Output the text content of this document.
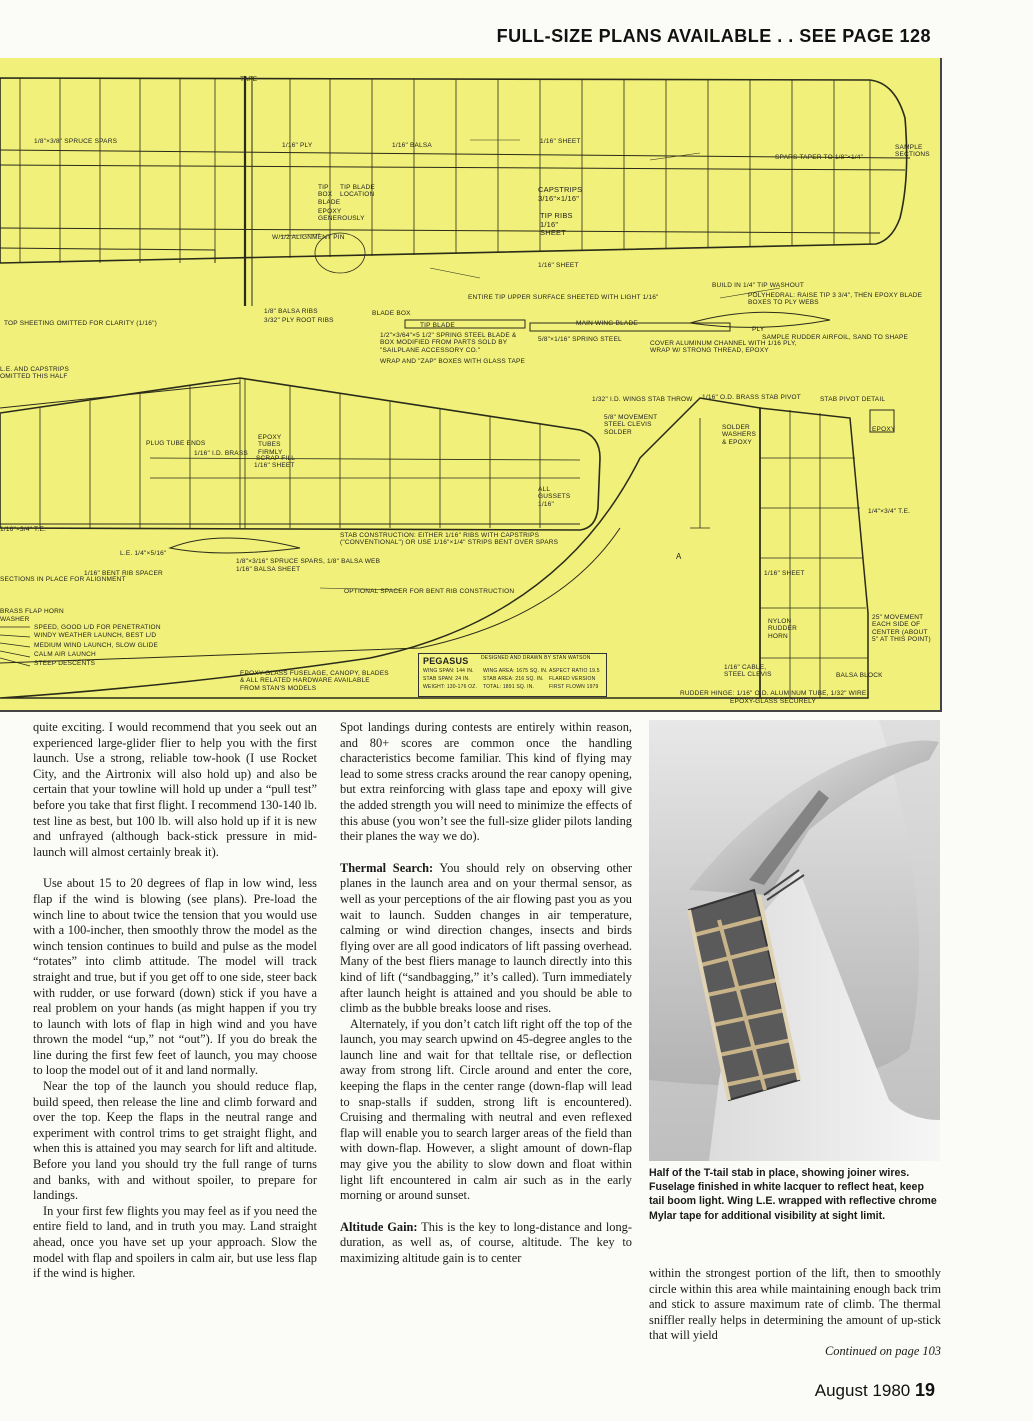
FULL-SIZE PLANS AVAILABLE . . SEE PAGE 128
TAPE
1/8"×3/8" SPRUCE SPARS
1/16" PLY	1/16" BALSA
1/16" SHEET
SAMPLE SECTIONS
SPARS TAPER TO 1/8"×1/4"
TIP BLADE LOCATION
TIP BOX BLADE
EPOXY GENEROUSLY
CAPSTRIPS 3/16"×1/16"
TIP RIBS 1/16" SHEET
W/1/2 ALIGNMENT PIN
1/16" SHEET
BUILD IN 1/4" TIP WASHOUT
POLYHEDRAL: RAISE TIP 3 3/4", THEN EPOXY BLADE BOXES TO PLY WEBS
ENTIRE TIP UPPER SURFACE SHEETED WITH LIGHT 1/16"
TOP SHEETING OMITTED FOR CLARITY (1/16")
1/8" BALSA RIBS
3/32" PLY ROOT RIBS
BLADE BOX
TIP BLADE
1/2"×3/64"×5 1/2" SPRING STEEL BLADE & BOX MODIFIED FROM PARTS SOLD BY "SAILPLANE ACCESSORY CO."
WRAP AND "ZAP" BOXES WITH GLASS TAPE
MAIN WING BLADE
5/8"×1/16" SPRING STEEL
PLY
COVER ALUMINUM CHANNEL WITH 1/16 PLY, WRAP W/ STRONG THREAD, EPOXY
SAMPLE RUDDER AIRFOIL, SAND TO SHAPE
L.E. AND CAPSTRIPS OMITTED THIS HALF
PLUG TUBE ENDS
EPOXY TUBES FIRMLY
SCRAP FILL
1/16" I.D. BRASS
1/16" SHEET
ALL GUSSETS 1/16"
1/32" I.D. WINGS STAB THROW 1/16" O.D. BRASS STAB PIVOT	STAB PIVOT DETAIL
5/8" MOVEMENT STEEL CLEVIS SOLDER
SOLDER WASHERS & EPOXY
EPOXY
1/16"×3/4" T.E.
1/4"×3/4" T.E.
L.E. 1/4"×5/16"
1/16" BENT RIB SPACER
STAB CONSTRUCTION: EITHER 1/16" RIBS WITH CAPSTRIPS ("CONVENTIONAL") OR USE 1/16"×1/4" STRIPS BENT OVER SPARS
1/8"×3/16" SPRUCE SPARS, 1/8" BALSA WEB
1/16" BALSA SHEET
SECTIONS IN PLACE FOR ALIGNMENT
OPTIONAL SPACER FOR BENT RIB CONSTRUCTION
BRASS FLAP HORN
WASHER
SPEED, GOOD L/D FOR PENETRATION
WINDY WEATHER LAUNCH, BEST L/D
MEDIUM WIND LAUNCH, SLOW GLIDE
CALM AIR LAUNCH
STEEP DESCENTS
EPOXY-GLASS FUSELAGE, CANOPY, BLADES & ALL RELATED HARDWARE AVAILABLE FROM STAN'S MODELS
1/16" SHEET
NYLON RUDDER HORN
1/16" CABLE, STEEL CLEVIS	BALSA BLOCK
25" MOVEMENT EACH SIDE OF CENTER (ABOUT 5" AT THIS POINT)
RUDDER HINGE: 1/16" O.D. ALUMINUM TUBE, 1/32" WIRE
EPOXY-GLASS SECURELY
A
PEGASUS	DESIGNED AND DRAWN BY STAN WATSON
WING SPAN: 144 IN.
STAB SPAN: 24 IN.
WEIGHT: 130-176 OZ.
WING AREA: 1675 SQ. IN.
STAB AREA: 216 SQ. IN.
TOTAL: 1891 SQ. IN.
ASPECT RATIO 19.5
FLARED VERSION
FIRST FLOWN 1979

quite exciting. I would recommend that you seek out an experienced large-glider flier to help you with the first launch. Use a strong, reliable tow-hook (I use Rocket City, and the Airtronix will also hold up) and also be certain that your towline will hold up under a “pull test” before you take that first flight. I recommend 130-140 lb. test line as best, but 100 lb. will also hold up if it is new and unfrayed (although back-stick pressure in mid-launch will almost certainly break it).

Use about 15 to 20 degrees of flap in low wind, less flap if the wind is blowing (see plans). Pre-load the winch line to about twice the tension that you would use with a 100-incher, then smoothly throw the model as the winch tension continues to build and pulse as the model “rotates” into climb attitude. The model will track straight and true, but if you get off to one side, steer back with rudder, or use forward (down) stick if you have a real problem on your hands (as might happen if you try to launch with lots of flap in high wind and you have thrown the model “up,” not “out”). If you do break the line during the first few feet of launch, you may choose to loop the model out of it and land normally.

Near the top of the launch you should reduce flap, build speed, then release the line and climb forward and over the top. Keep the flaps in the neutral range and experiment with control trims to get straight flight, and when this is attained you may search for lift and altitude. Before you land you should try the full range of turns and banks, with and without spoiler, to prepare for landings.

In your first few flights you may feel as if you need the entire field to land, and in truth you may. Land straight ahead, once you have set up your approach. Slow the model with flap and spoilers in calm air, but use less flap if the wind is higher.

Spot landings during contests are entirely within reason, and 80+ scores are common once the handling characteristics become familiar. This kind of flying may lead to some stress cracks around the rear canopy opening, but extra reinforcing with glass tape and epoxy will give the added strength you will need to minimize the effects of this abuse (you won’t see the full-size glider pilots landing their planes the way we do).

Thermal Search: You should rely on observing other planes in the launch area and on your thermal sensor, as well as your perceptions of the air flowing past you as you wait to launch. Sudden changes in air temperature, calming or wind direction changes, insects and birds flying over are all good indicators of lift passing overhead. Many of the best fliers manage to launch directly into this kind of lift (“sandbagging,” it’s called). Turn immediately after launch height is attained and you should be able to climb as the bubble breaks loose and rises.

Alternately, if you don’t catch lift right off the top of the launch, you may search upwind on 45-degree angles to the launch line and wait for that telltale rise, or deflection away from strong lift. Circle around and enter the core, keeping the flaps in the center range (down-flap will lead to snap-stalls if sudden, strong lift is encountered). Cruising and thermaling with neutral and even reflexed flap will enable you to search larger areas of the field than with down-flap. However, a slight amount of down-flap may give you the ability to slow down and float within light lift encountered in calm air such as in the early morning or around sunset.

Altitude Gain: This is the key to long-distance and long-duration, as well as, of course, altitude. The key to maximizing altitude gain is to center

Half of the T-tail stab in place, showing joiner wires. Fuselage finished in white lacquer to reflect heat, keep tail boom light. Wing L.E. wrapped with reflective chrome Mylar tape for additional visibility at sight limit.

within the strongest portion of the lift, then to smoothly circle within this area while maintaining enough back trim and stick to assure maximum rate of climb. The thermal sniffler really helps in determining the amount of up-stick that will yield

Continued on page 103

August 1980 19
